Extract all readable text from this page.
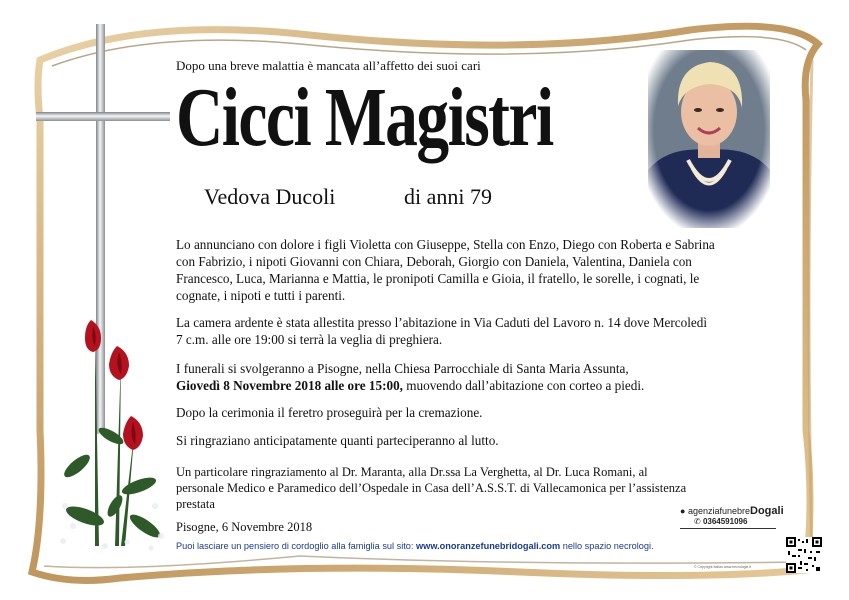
Dopo una breve malattia è mancata all’affetto dei suoi cari
Cicci Magistri
Vedova Ducoli	di anni 79
Lo annunciano con dolore i figli Violetta con Giuseppe, Stella con Enzo, Diego con Roberta e Sabrina con Fabrizio, i nipoti Giovanni con Chiara, Deborah, Giorgio con Daniela, Valentina, Daniela con Francesco, Luca, Marianna e Mattia, le pronipoti Camilla e Gioia, il fratello, le sorelle, i cognati, le cognate, i nipoti e tutti i parenti.
La camera ardente è stata allestita presso l’abitazione in Via Caduti del Lavoro n. 14 dove Mercoledì 7 c.m. alle ore 19:00 si terrà la veglia di preghiera.
I funerali si svolgeranno a Pisogne, nella Chiesa Parrocchiale di Santa Maria Assunta,
Giovedì 8 Novembre 2018 alle ore 15:00, muovendo dall’abitazione con corteo a piedi.
Dopo la cerimonia il feretro proseguirà per la cremazione.
Si ringraziano anticipatamente quanti parteciperanno al lutto.
Un particolare ringraziamento al Dr. Maranta, alla Dr.ssa La Verghetta, al Dr. Luca Romani, al personale Medico e Paramedico dell’Ospedale in Casa dell’A.S.S.T. di Vallecamonica per l’assistenza prestata
Pisogne, 6 Novembre 2018
Puoi lasciare un pensiero di cordoglio alla famiglia sul sito: www.onoranzefunebridogali.com nello spazio necrologi.
● agenziafunebreDogali
✆ 0364591096
© Copyright Italian www.necrologie.it
